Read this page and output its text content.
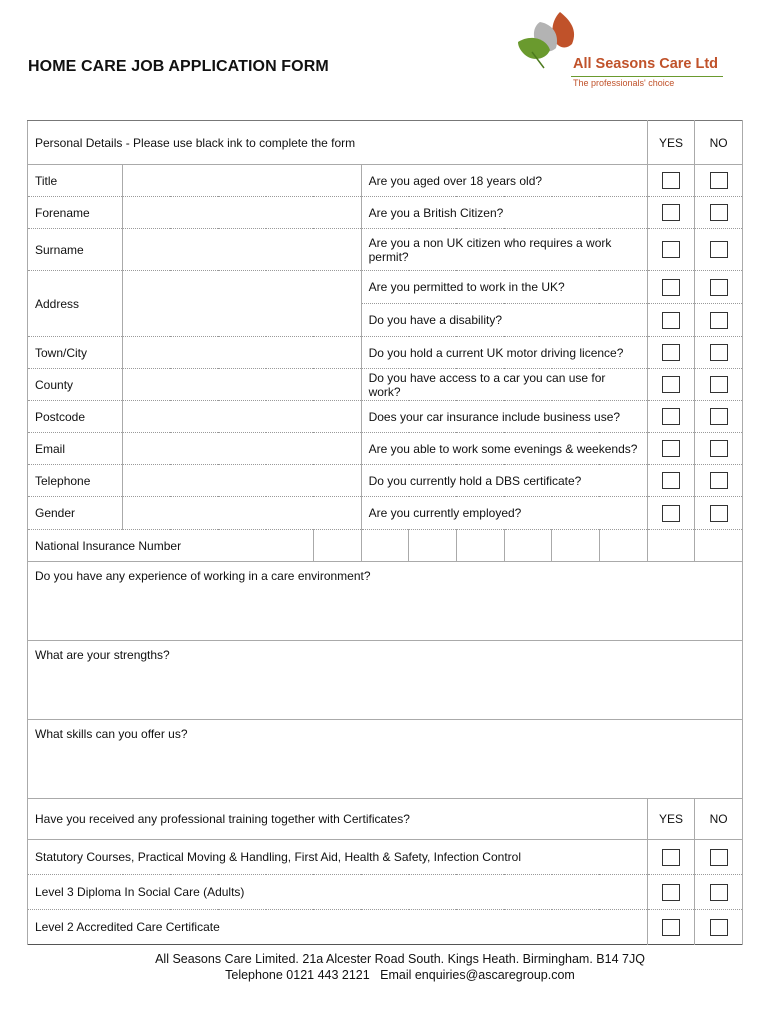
HOME CARE JOB APPLICATION FORM	All Seasons Care Ltd
The professionals' choice
Personal Details - Please use black ink to complete the form									YES	NO
Title			Are you aged over 18 years old?							
Forename			Are you a British Citizen?							
Surname			Are you a non UK citizen who requires a work permit?							
Address			Are you permitted to work in the UK?							
			Do you have a disability?							
Town/City			Do you hold a current UK motor driving licence?							
County			Do you have access to a car you can use for work?							
Postcode			Does your car insurance include business use?							
Email			Are you able to work some evenings & weekends?							
Telephone			Do you currently hold a DBS certificate?							
Gender			Are you currently employed?							
National Insurance Number										
Do you have any experience of working in a care environment?										
What are your strengths?										
What skills can you offer us?										
Have you received any professional training together with Certificates?									YES	NO
Statutory Courses, Practical Moving & Handling, First Aid, Health & Safety, Infection Control										
Level 3 Diploma In Social Care (Adults)										
Level 2 Accredited Care Certificate										
All Seasons Care Limited. 21a Alcester Road South. Kings Heath. Birmingham. B14 7JQ
Telephone 0121 443 2121   Email enquiries@ascaregroup.com
